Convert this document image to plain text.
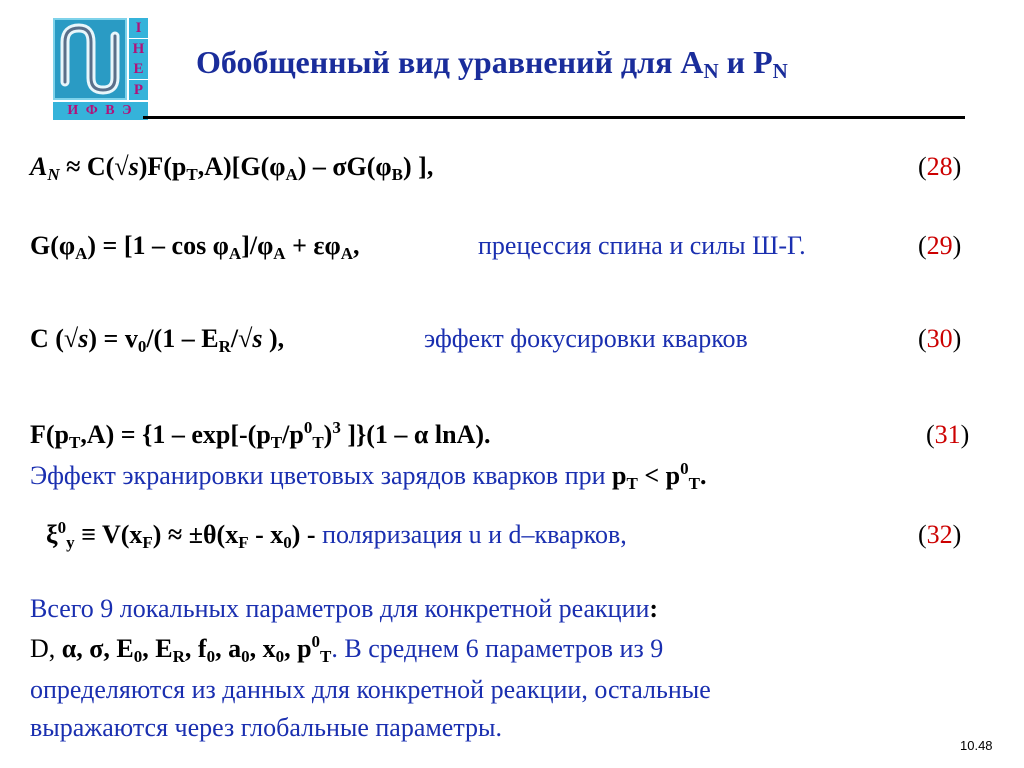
I
H
E
P
И Ф В Э
Обобщенный вид уравнений для $A_N$ и $P_N$
$A_N \approx C(√s)F(p_T,A)[G(\varphi_A) - \sigma G(\varphi_B)$ ],	(28)
$G(\varphi_A) = [1 - \cos \varphi_A]/\varphi_A + \varepsilon\varphi_A$,	прецессия спина и силы Ш-Г.	(29)
C $(√s) = v_0/(1 - E_R/√s$ ),	эффект фокусировки кварков	(30)
$F(p_T,A) = \{1 - \exp[-(p_T/p^0_T)^3$ ]}(1 – α lnA).	(31)
Эффект экранировки цветовых зарядов кварков при $p_T < p^0_T$.
$\xi^0_y \equiv V(x_F) \approx \pm\theta(x_F - x_0)$ - поляризация u и d–кварков,	(32)
Всего 9 локальных параметров для конкретной реакции:
D, α, σ, $E_0$, $E_R$, $f_0$, $a_0$, $x_0$, $p^0_T$. В среднем 6 параметров из 9
определяются из данных для конкретной реакции, остальные
выражаются через глобальные параметры.
10.48
